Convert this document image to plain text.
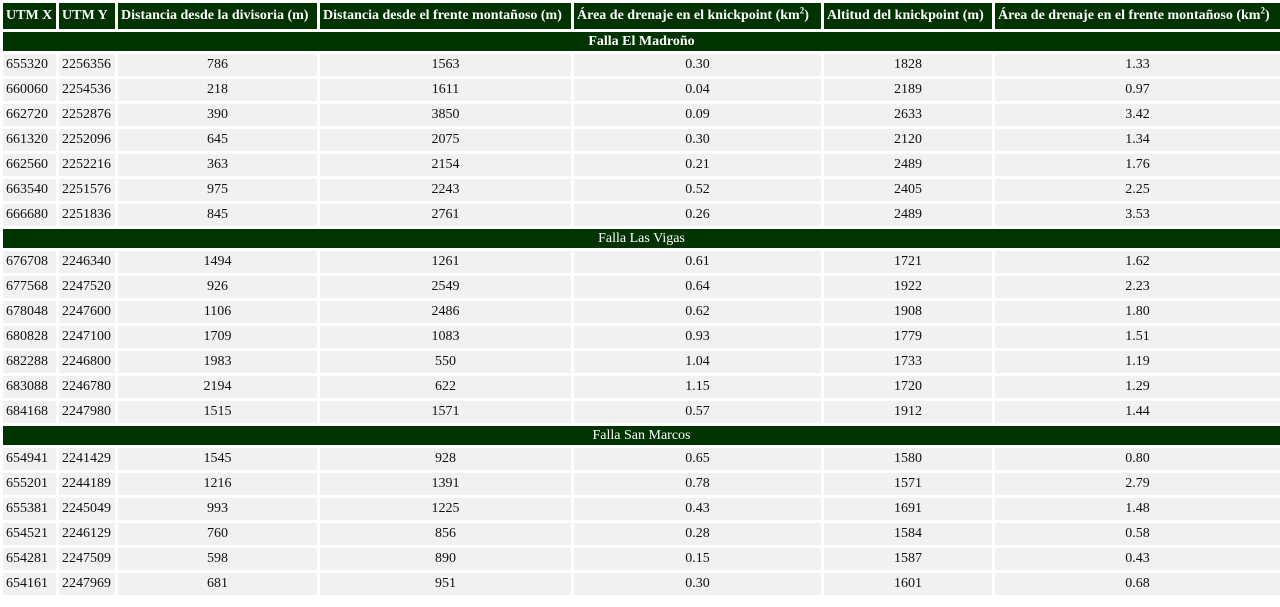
UTM X	UTM Y	Distancia desde la divisoria (m)	Distancia desde el frente montañoso (m)	Área de drenaje en el knickpoint $(km^2)$	Altitud del knickpoint (m)	Área de drenaje en el frente montañoso $(km^2)$
Falla El Madroño						
655320	2256356	786	1563	0.30	1828	1.33
660060	2254536	218	1611	0.04	2189	0.97
662720	2252876	390	3850	0.09	2633	3.42
661320	2252096	645	2075	0.30	2120	1.34
662560	2252216	363	2154	0.21	2489	1.76
663540	2251576	975	2243	0.52	2405	2.25
666680	2251836	845	2761	0.26	2489	3.53
Falla Las Vigas						
676708	2246340	1494	1261	0.61	1721	1.62
677568	2247520	926	2549	0.64	1922	2.23
678048	2247600	1106	2486	0.62	1908	1.80
680828	2247100	1709	1083	0.93	1779	1.51
682288	2246800	1983	550	1.04	1733	1.19
683088	2246780	2194	622	1.15	1720	1.29
684168	2247980	1515	1571	0.57	1912	1.44
Falla San Marcos						
654941	2241429	1545	928	0.65	1580	0.80
655201	2244189	1216	1391	0.78	1571	2.79
655381	2245049	993	1225	0.43	1691	1.48
654521	2246129	760	856	0.28	1584	0.58
654281	2247509	598	890	0.15	1587	0.43
654161	2247969	681	951	0.30	1601	0.68
